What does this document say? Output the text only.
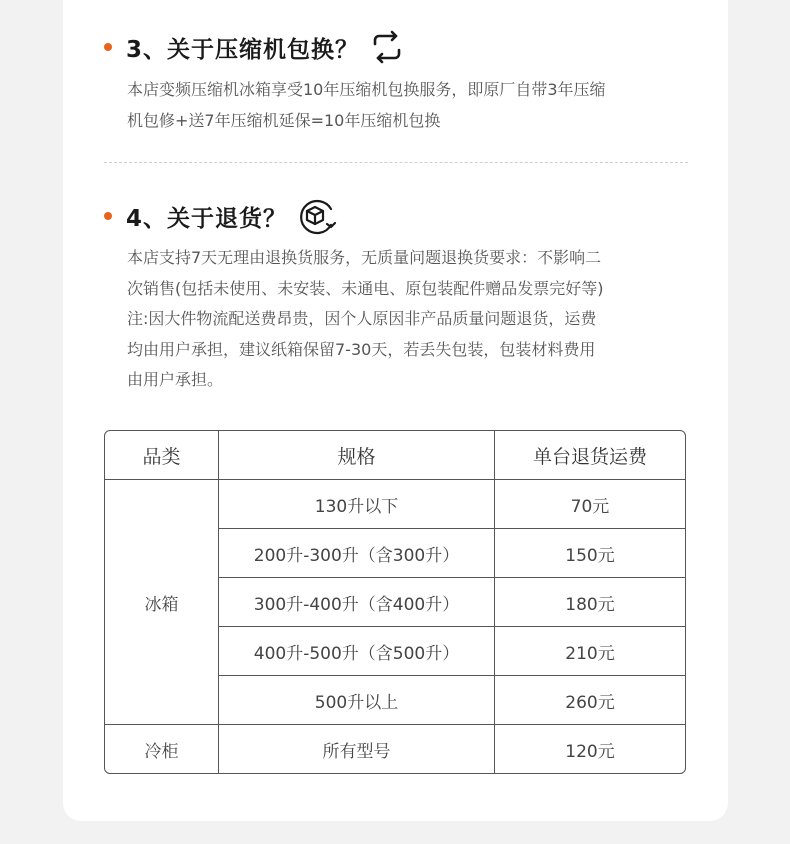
3、关于压缩机包换？
本店变频压缩机冰箱享受10年压缩机包换服务，即原厂自带3年压缩
机包修+送7年压缩机延保=10年压缩机包换
4、关于退货？
本店支持7天无理由退换货服务，无质量问题退换货要求：不影响二
次销售(包括未使用、未安装、未通电、原包装配件赠品发票完好等)
注:因大件物流配送费昂贵，因个人原因非产品质量问题退货，运费
均由用户承担，建议纸箱保留7-30天，若丢失包装，包装材料费用
由用户承担。
品类	规格	单台退货运费
冰箱	130升以下	70元
	200升-300升（含300升）	150元
	300升-400升（含400升）	180元
	400升-500升（含500升）	210元
	500升以上	260元
冷柜	所有型号	120元
